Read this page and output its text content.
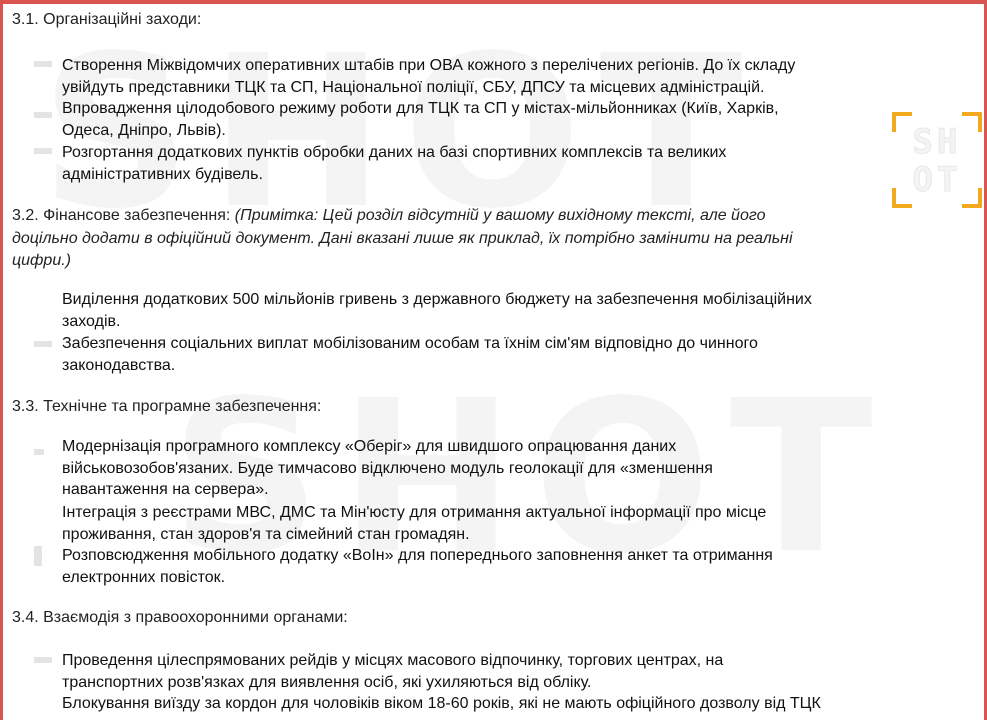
SH
OT
3.1. Організаційні заходи:
Створення Міжвідомчих оперативних штабів при ОВА кожного з перелічених регіонів. До їх складу
увійдуть представники ТЦК та СП, Національної поліції, СБУ, ДПСУ та місцевих адміністрацій.
Впровадження цілодобового режиму роботи для ТЦК та СП у містах-мільйонниках (Київ, Харків,
Одеса, Дніпро, Львів).
Розгортання додаткових пунктів обробки даних на базі спортивних комплексів та великих
адміністративних будівель.
3.2. Фінансове забезпечення: (Примітка: Цей розділ відсутній у вашому вихідному тексті, але його
доцільно додати в офіційний документ. Дані вказані лише як приклад, їх потрібно замінити на реальні
цифри.)
Виділення додаткових 500 мільйонів гривень з державного бюджету на забезпечення мобілізаційних
заходів.
Забезпечення соціальних виплат мобілізованим особам та їхнім сім'ям відповідно до чинного
законодавства.
3.3. Технічне та програмне забезпечення:
Модернізація програмного комплексу «Оберіг» для швидшого опрацювання даних
військовозобов'язаних. Буде тимчасово відключено модуль геолокації для «зменшення
навантаження на сервера».
Інтеграція з реєстрами МВС, ДМС та Мін'юсту для отримання актуальної інформації про місце
проживання, стан здоров'я та сімейний стан громадян.
Розповсюдження мобільного додатку «ВоІн» для попереднього заповнення анкет та отримання
електронних повісток.
3.4. Взаємодія з правоохоронними органами:
Проведення цілеспрямованих рейдів у місцях масового відпочинку, торгових центрах, на
транспортних розв'язках для виявлення осіб, які ухиляються від обліку.
Блокування виїзду за кордон для чоловіків віком 18-60 років, які не мають офіційного дозволу від ТЦК
